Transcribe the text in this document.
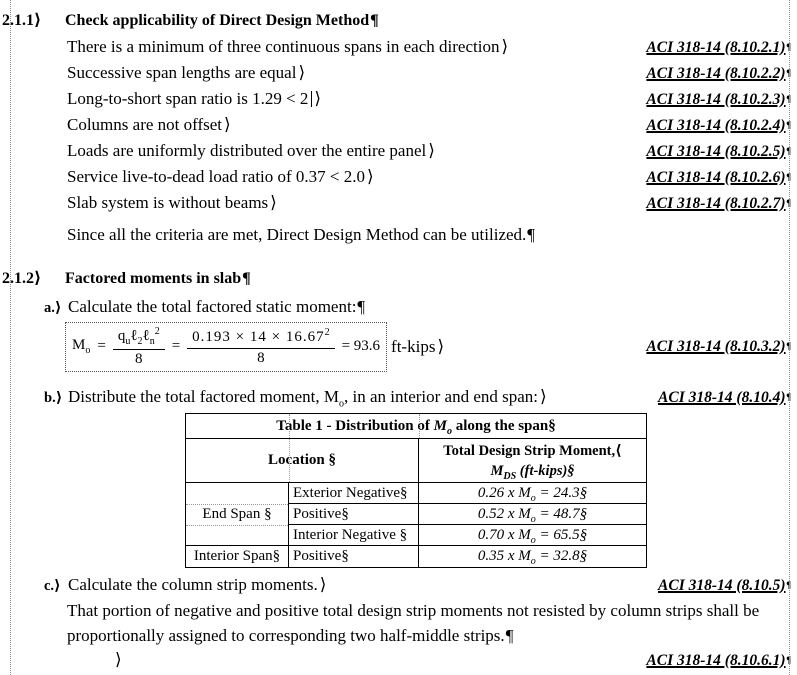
2.1.1⟩	Check applicability of Direct Design Method¶
There is a minimum of three continuous spans in each direction ⟩	ACI 318-14 (8.10.2.1)¶
Successive span lengths are equal ⟩	ACI 318-14 (8.10.2.2)¶
Long-to-short span ratio is 1.29 < 2 ⟩	ACI 318-14 (8.10.2.3)¶
Columns are not offset ⟩	ACI 318-14 (8.10.2.4)¶
Loads are uniformly distributed over the entire panel ⟩	ACI 318-14 (8.10.2.5)¶
Service live-to-dead load ratio of 0.37 < 2.0 ⟩	ACI 318-14 (8.10.2.6)¶
Slab system is without beams ⟩	ACI 318-14 (8.10.2.7)¶
Since all the criteria are met, Direct Design Method can be utilized.¶
2.1.2⟩	Factored moments in slab¶
a.⟩ Calculate the total factored static moment:¶
$M_o = \frac{q_u\ell_2\ell_n^2}{8} = \frac{0.193 \times 14 \times 16.67^2}{8} = 93.6$ ft-kips ⟩	ACI 318-14 (8.10.3.2)¶
b.⟩ Distribute the total factored moment, $M_o$, in an interior and end span: ⟩	ACI 318-14 (8.10.4)¶
Table 1 - Distribution of $M_o$ along the span§
Location §
Total Design Strip Moment,⟨
$M_{DS}$ (ft-kips)§
End Span §
Exterior Negative§	0.26 x $M_o$ = 24.3§
Positive§	0.52 x $M_o$ = 48.7§
Interior Negative §	0.70 x $M_o$ = 65.5§
Interior Span§ Positive§	0.35 x $M_o$ = 32.8§
c.⟩ Calculate the column strip moments. ⟩	ACI 318-14 (8.10.5)¶
That portion of negative and positive total design strip moments not resisted by column strips shall be proportionally assigned to corresponding two half-middle strips.¶
⟩	ACI 318-14 (8.10.6.1)¶
